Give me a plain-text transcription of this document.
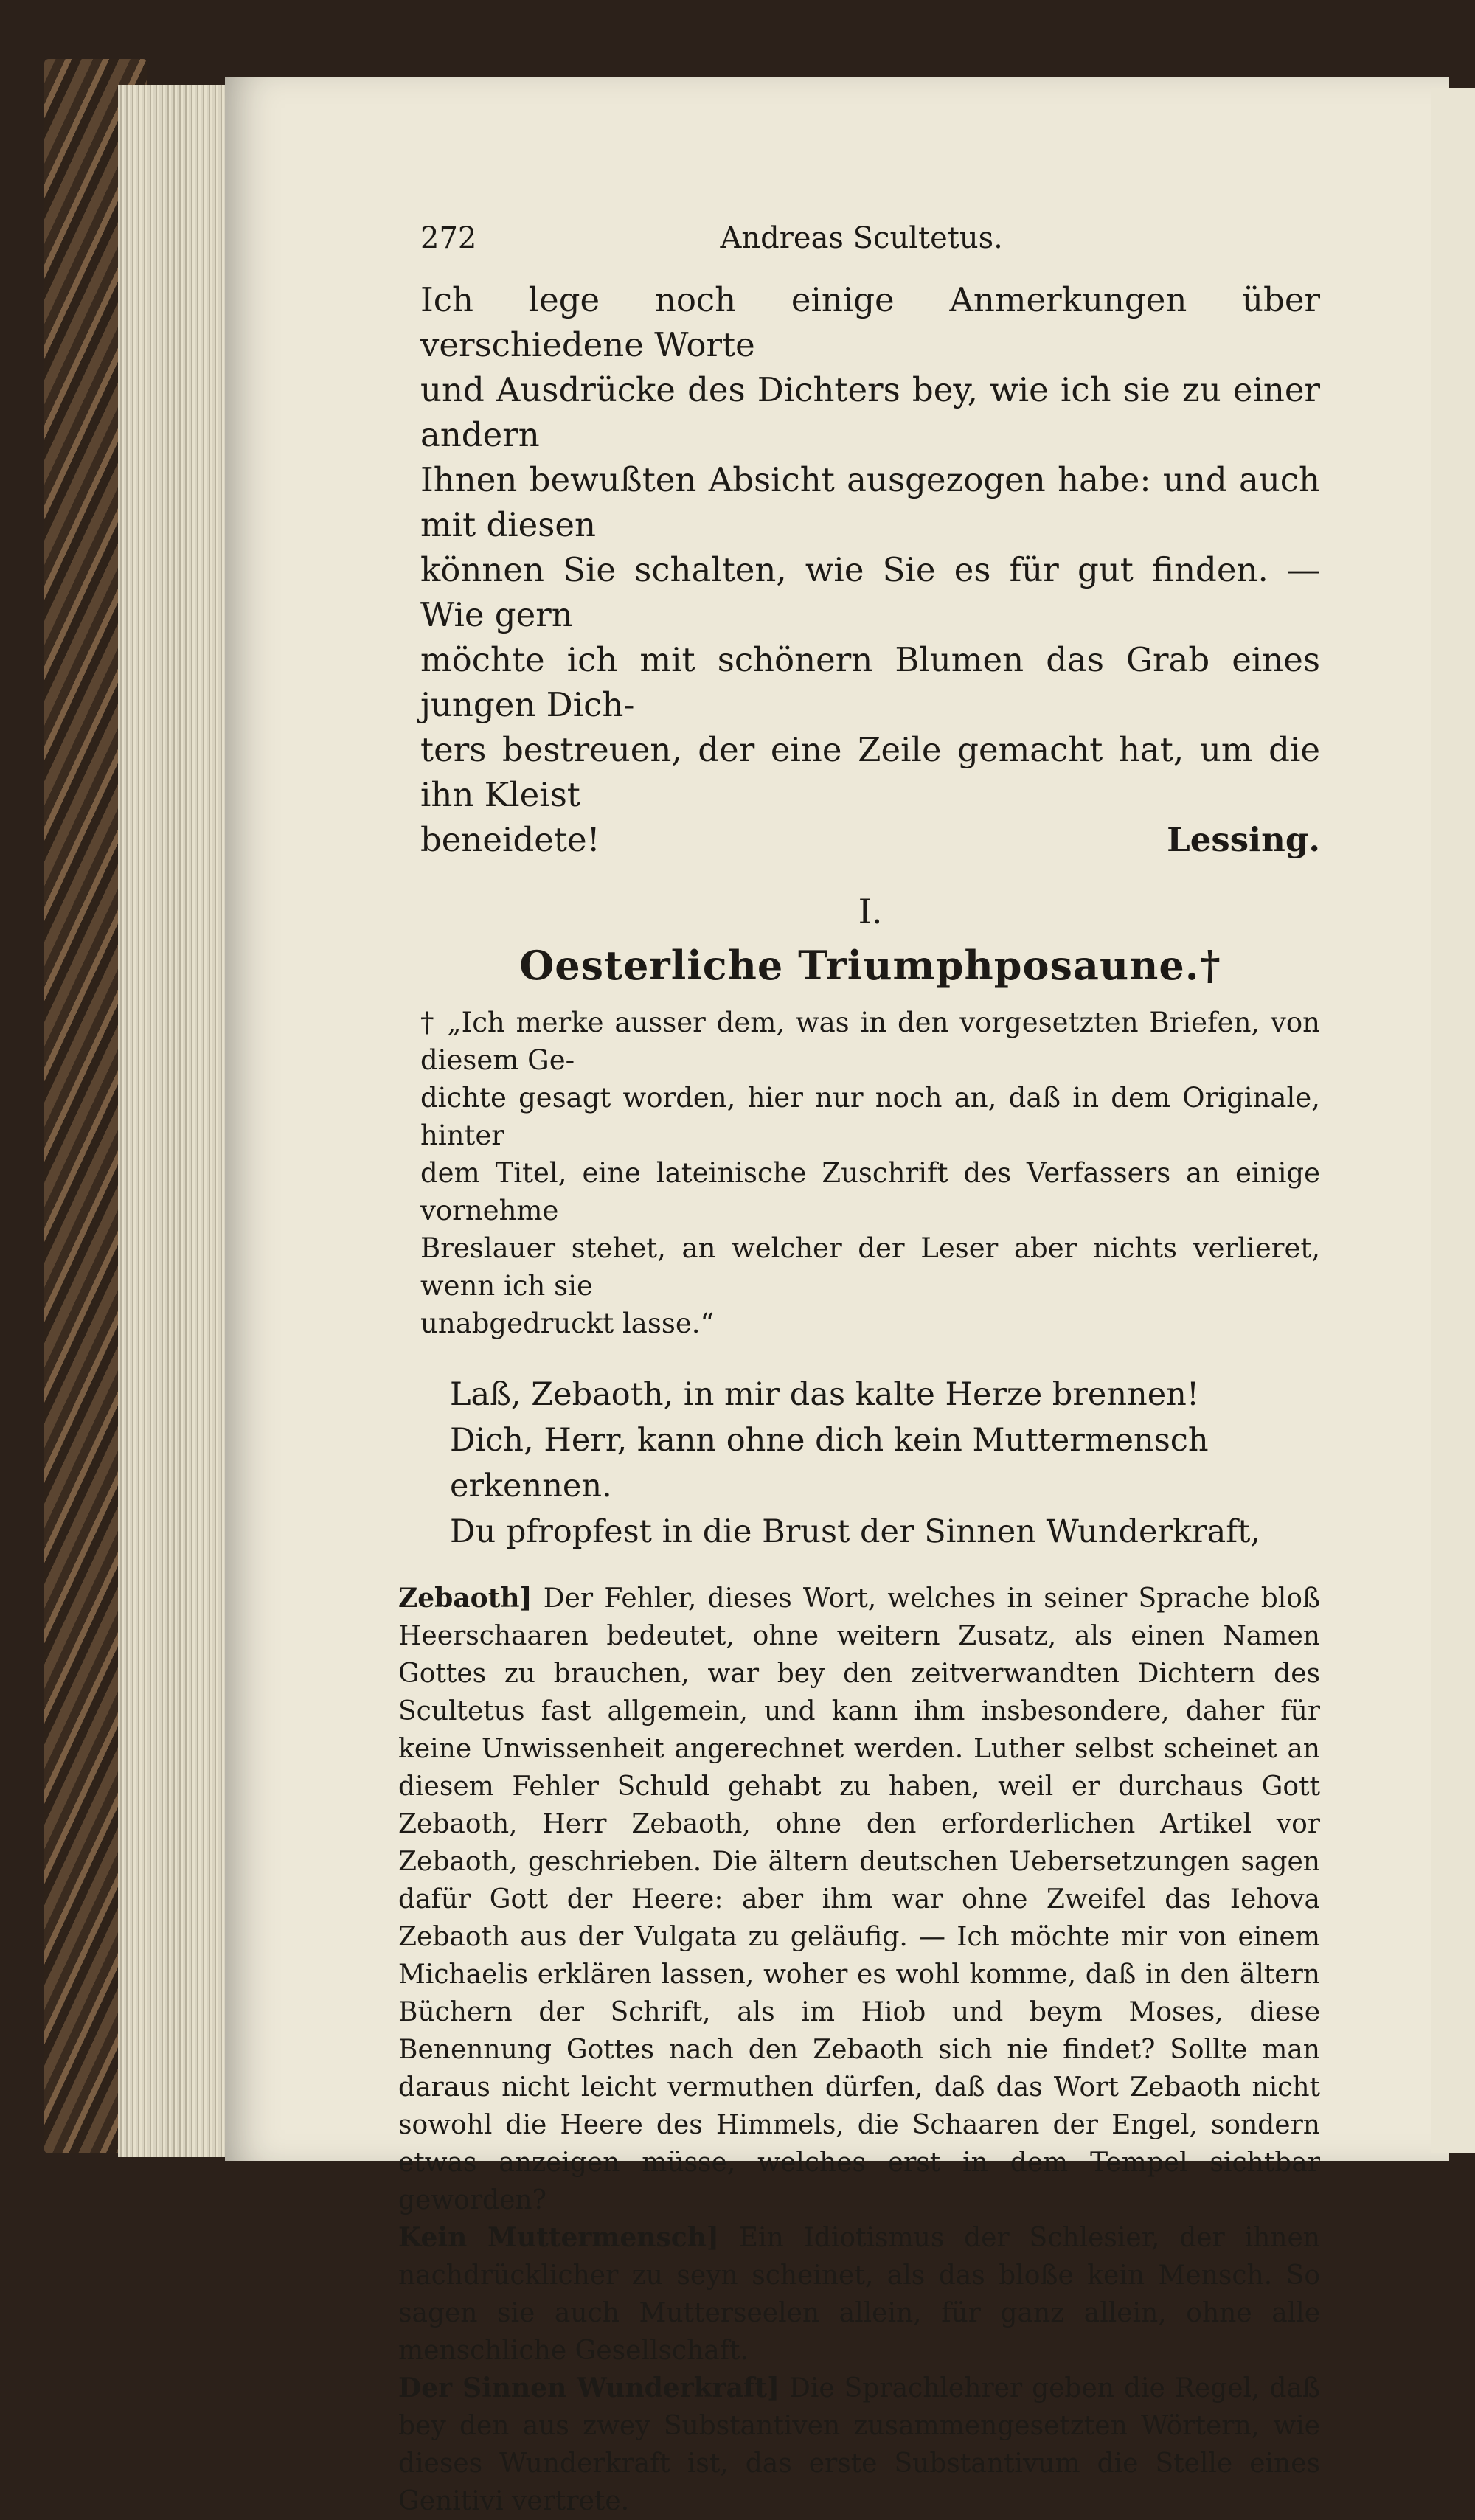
272	Andreas Scultetus.

Ich lege noch einige Anmerkungen über verschiedene Worte

und Ausdrücke des Dichters bey, wie ich sie zu einer andern

Ihnen bewußten Absicht ausgezogen habe: und auch mit diesen

können Sie schalten, wie Sie es für gut finden. — Wie gern

möchte ich mit schönern Blumen das Grab eines jungen Dich-

ters bestreuen, der eine Zeile gemacht hat, um die ihn Kleist

beneidete!	Lessing.
I.
Oesterliche Triumphposaune.†

† „Ich merke ausser dem, was in den vorgesetzten Briefen, von diesem Ge-

dichte gesagt worden, hier nur noch an, daß in dem Originale, hinter

dem Titel, eine lateinische Zuschrift des Verfassers an einige vornehme

Breslauer stehet, an welcher der Leser aber nichts verlieret, wenn ich sie

unabgedruckt lasse.“

Laß, Zebaoth, in mir das kalte Herze brennen!

Dich, Herr, kann ohne dich kein Muttermensch erkennen.

Du pfropfest in die Brust der Sinnen Wunderkraft,

Zebaoth] Der Fehler, dieses Wort, welches in seiner Sprache bloß Heerschaaren bedeutet, ohne weitern Zusatz, als einen Namen Gottes zu brauchen, war bey den zeitverwandten Dichtern des Scultetus fast allgemein, und kann ihm insbesondere, daher für keine Unwissenheit angerechnet werden. Luther selbst scheinet an diesem Fehler Schuld gehabt zu haben, weil er durchaus Gott Zebaoth, Herr Zebaoth, ohne den erforderlichen Artikel vor Zebaoth, geschrieben. Die ältern deutschen Uebersetzungen sagen dafür Gott der Heere: aber ihm war ohne Zweifel das Iehova Zebaoth aus der Vulgata zu geläufig. — Ich möchte mir von einem Michaelis erklären lassen, woher es wohl komme, daß in den ältern Büchern der Schrift, als im Hiob und beym Moses, diese Benennung Gottes nach den Zebaoth sich nie findet? Sollte man daraus nicht leicht vermuthen dürfen, daß das Wort Zebaoth nicht sowohl die Heere des Himmels, die Schaaren der Engel, sondern etwas anzeigen müsse, welches erst in dem Tempel sichtbar geworden?

Kein Muttermensch] Ein Idiotismus der Schlesier, der ihnen nachdrücklicher zu seyn scheinet, als das bloße kein Mensch. So sagen sie auch Mutterseelen allein, für ganz allein, ohne alle menschliche Gesellschaft.

Der Sinnen Wunderkraft] Die Sprachlehrer geben die Regel, daß bey den aus zwey Substantiven zusammengesetzten Wörtern, wie dieses Wunderkraft ist, das erste Substantivum die Stelle eines Genitivi vertrete.
